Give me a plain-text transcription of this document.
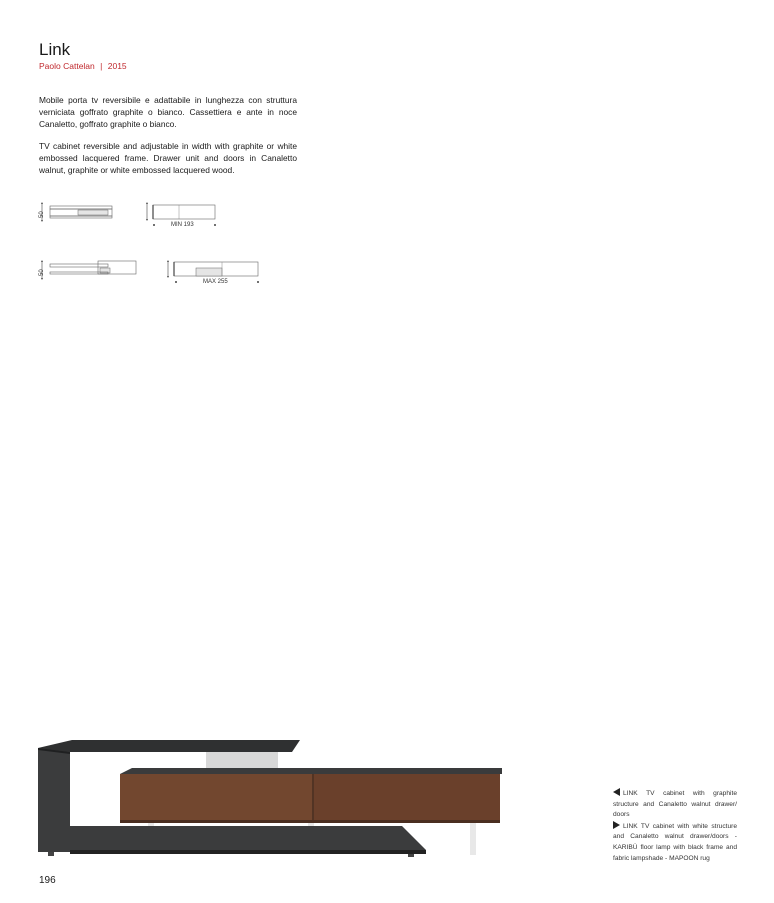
Link
Paolo Cattelan | 2015

Mobile porta tv reversibile e adattabile in lunghezza con struttura verniciata goffrato graphite o bianco. Cassettiera e ante in noce Canaletto, goffrato graphite o bianco.

TV cabinet reversible and adjustable in width with graphite or white embossed lacquered frame. Drawer unit and doors in Canaletto walnut, graphite or white embossed lacquered wood.

50
MIN 193
50
MAX 255
LINK TV cabinet with graphite structure and Canaletto walnut drawer/ doors
LINK TV cabinet with white structure and Canaletto walnut drawer/doors - KARIBÙ floor lamp with black frame and fabric lampshade - MAPOON rug
196
